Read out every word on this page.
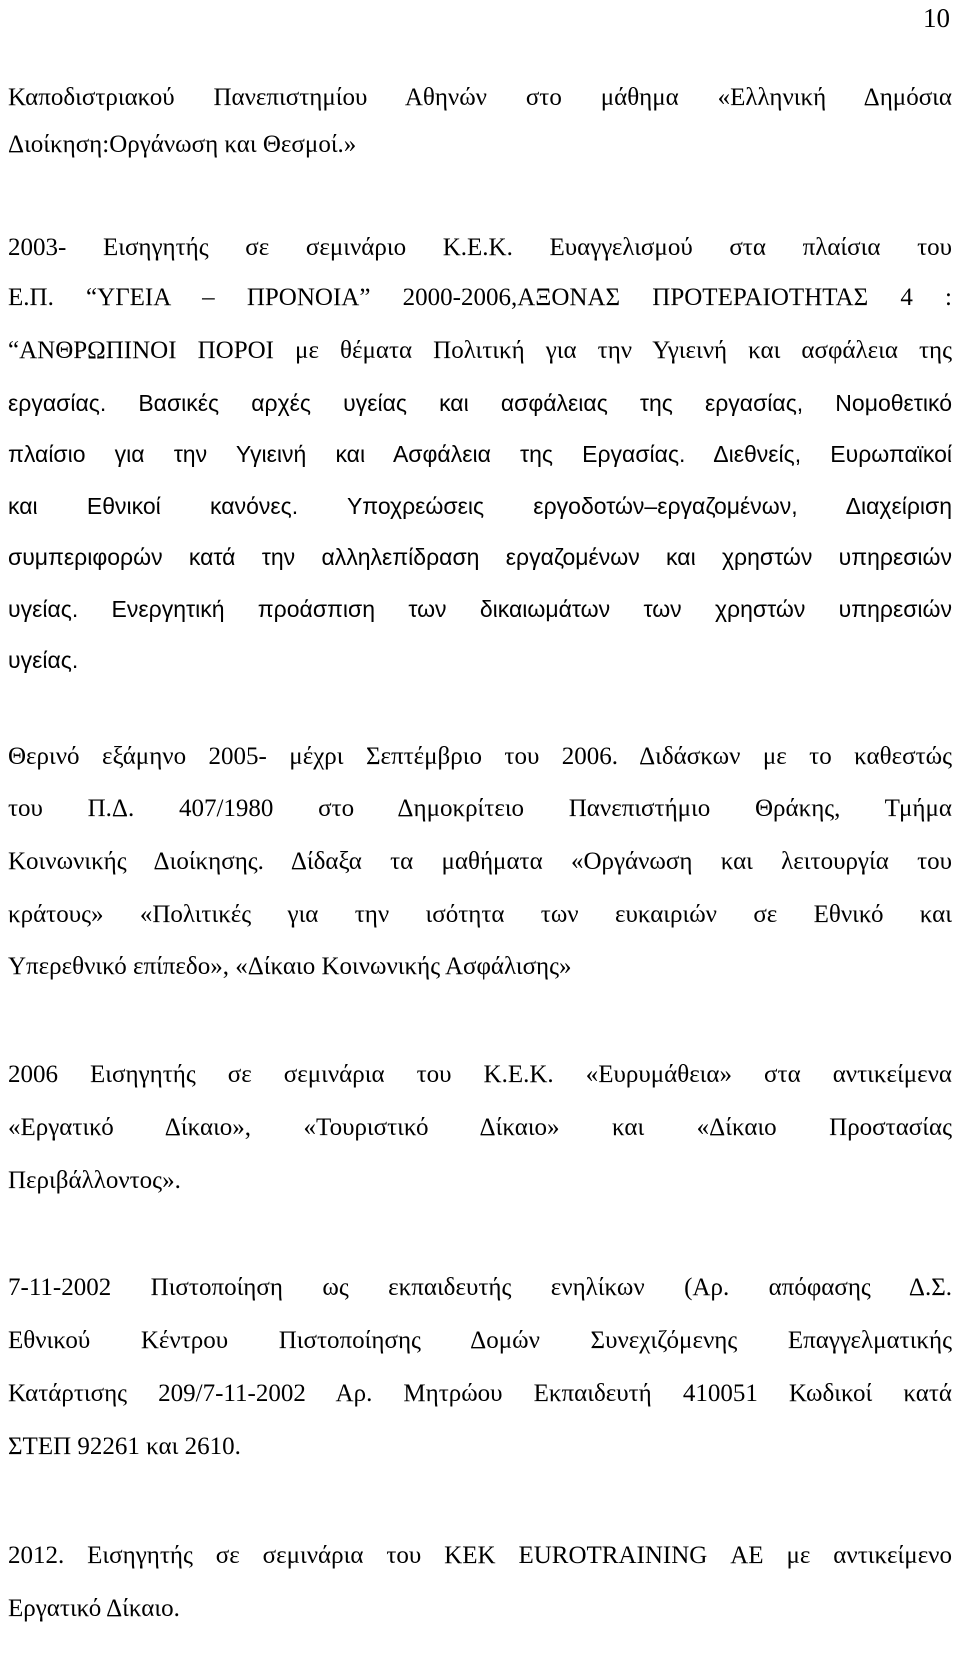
10
Καποδιστριακού Πανεπιστημίου Αθηνών στο μάθημα «Ελληνική Δημόσια
Διοίκηση:Οργάνωση και Θεσμοί.»
2003- Εισηγητής σε σεμινάριο Κ.Ε.Κ. Ευαγγελισμού στα πλαίσια του
Ε.Π. “ΥΓΕΙΑ – ΠΡΟΝΟΙΑ” 2000-2006,ΑΞΟΝΑΣ ΠΡΟΤΕΡΑΙΟΤΗΤΑΣ 4 :
“ΑΝΘΡΩΠΙΝΟΙ ΠΟΡΟΙ με θέματα Πολιτική για την Υγιεινή και ασφάλεια της
εργασίας. Βασικές αρχές υγείας και ασφάλειας της εργασίας, Νομοθετικό
πλαίσιο για την Υγιεινή και Ασφάλεια της Εργασίας. Διεθνείς, Ευρωπαϊκοί
και Εθνικοί κανόνες. Υποχρεώσεις εργοδοτών–εργαζομένων, Διαχείριση
συμπεριφορών κατά την αλληλεπίδραση εργαζομένων και χρηστών υπηρεσιών
υγείας. Ενεργητική προάσπιση των δικαιωμάτων των χρηστών υπηρεσιών
υγείας.
Θερινό εξάμηνο 2005- μέχρι Σεπτέμβριο του 2006. Διδάσκων με το καθεστώς
του Π.Δ. 407/1980 στο Δημοκρίτειο Πανεπιστήμιο Θράκης, Τμήμα
Κοινωνικής Διοίκησης. Δίδαξα τα μαθήματα «Οργάνωση και λειτουργία του
κράτους» «Πολιτικές για την ισότητα των ευκαιριών σε Εθνικό και
Υπερεθνικό επίπεδο», «Δίκαιο Κοινωνικής Ασφάλισης»
2006 Εισηγητής σε σεμινάρια του Κ.Ε.Κ. «Ευρυμάθεια» στα αντικείμενα
«Εργατικό Δίκαιο», «Τουριστικό Δίκαιο» και «Δίκαιο Προστασίας
Περιβάλλοντος».
7-11-2002 Πιστοποίηση ως εκπαιδευτής ενηλίκων (Αρ. απόφασης Δ.Σ.
Εθνικού Κέντρου Πιστοποίησης Δομών Συνεχιζόμενης Επαγγελματικής
Κατάρτισης 209/7-11-2002 Αρ. Μητρώου Εκπαιδευτή 410051 Κωδικοί κατά
ΣΤΕΠ 92261 και 2610.
2012. Εισηγητής σε σεμινάρια του ΚΕΚ EUROTRAINING ΑΕ με αντικείμενο
Εργατικό Δίκαιο.
